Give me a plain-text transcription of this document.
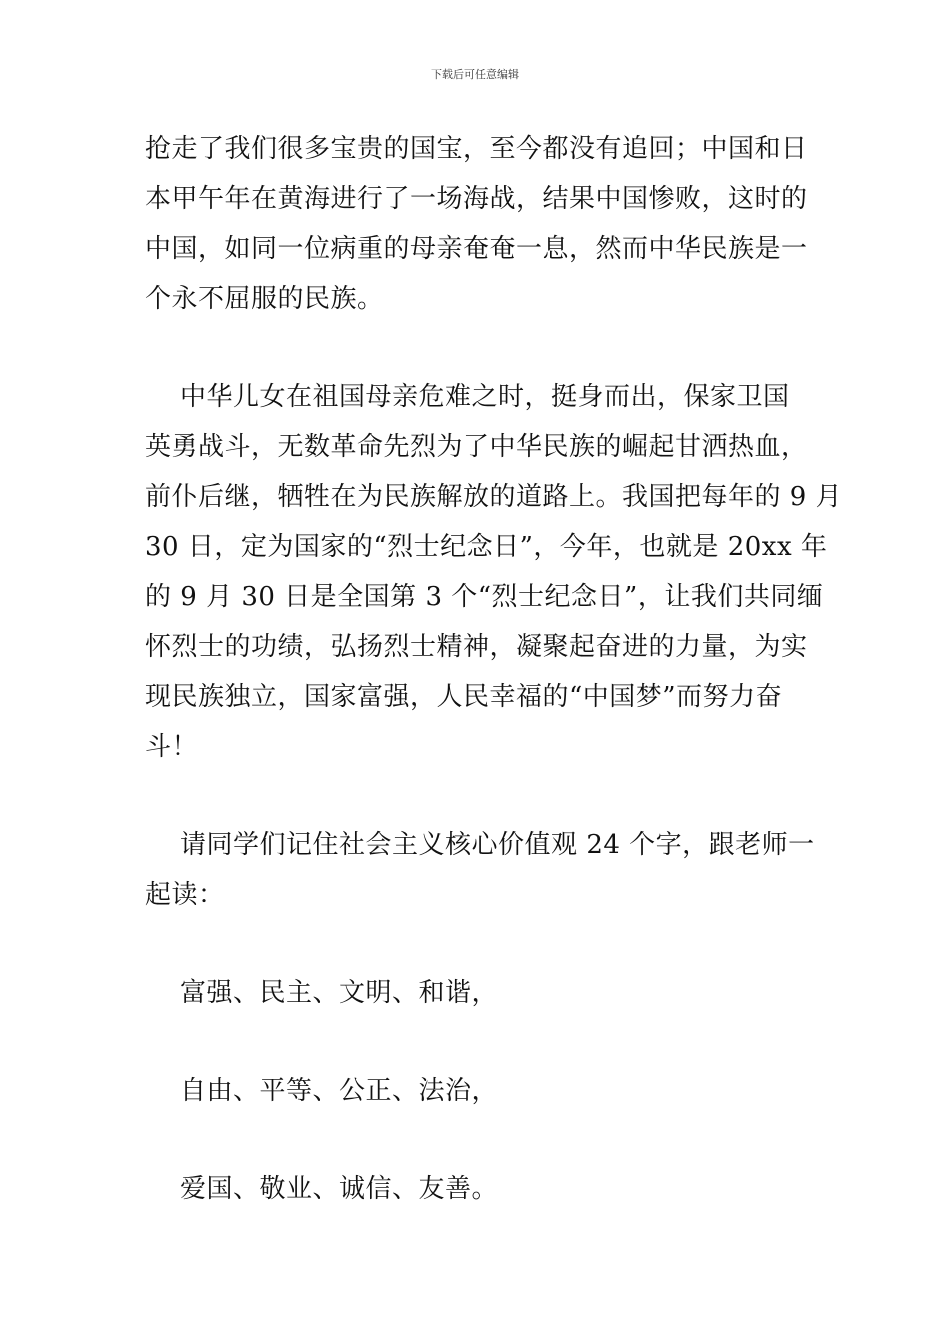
下载后可任意编辑
抢走了我们很多宝贵的国宝，至今都没有追回；中国和日
本甲午年在黄海进行了一场海战，结果中国惨败，这时的
中国，如同一位病重的母亲奄奄一息，然而中华民族是一
个永不屈服的民族。
中华儿女在祖国母亲危难之时，挺身而出，保家卫国
英勇战斗，无数革命先烈为了中华民族的崛起甘洒热血，
前仆后继，牺牲在为民族解放的道路上。我国把每年的 9 月
30 日，定为国家的“烈士纪念日”，今年，也就是 20xx 年
的 9 月 30 日是全国第 3 个“烈士纪念日”，让我们共同缅
怀烈士的功绩，弘扬烈士精神，凝聚起奋进的力量，为实
现民族独立，国家富强，人民幸福的“中国梦”而努力奋
斗！
请同学们记住社会主义核心价值观 24 个字，跟老师一
起读：
富强、民主、文明、和谐，
自由、平等、公正、法治，
爱国、敬业、诚信、友善。
